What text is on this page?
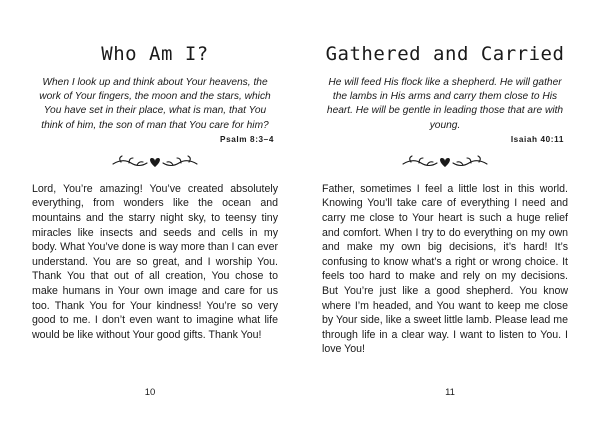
Who Am I?

When I look up and think about Your heavens, the work of Your fingers, the moon and the stars, which You have set in their place, what is man, that You think of him, the son of man that You care for him?

Psalm 8:3–4

Lord, You’re amazing! You’ve created absolutely everything, from wonders like the ocean and mountains and the starry night sky, to teensy tiny miracles like insects and seeds and cells in my body. What You’ve done is way more than I can ever understand. You are so great, and I worship You. Thank You that out of all creation, You chose to make humans in Your own image and care for us too. Thank You for Your kindness! You’re so very good to me. I don’t even want to imagine what life would be like without Your good gifts. Thank You!

10
Gathered and Carried

He will feed His flock like a shepherd. He will gather the lambs in His arms and carry them close to His heart. He will be gentle in leading those that are with young.

Isaiah 40:11

Father, sometimes I feel a little lost in this world. Knowing You’ll take care of everything I need and carry me close to Your heart is such a huge relief and comfort. When I try to do everything on my own and make my own big decisions, it’s hard! It’s confusing to know what’s a right or wrong choice. It feels too hard to make and rely on my decisions. But You’re just like a good shepherd. You know where I’m headed, and You want to keep me close by Your side, like a sweet little lamb. Please lead me through life in a clear way. I want to listen to You. I love You!

11
